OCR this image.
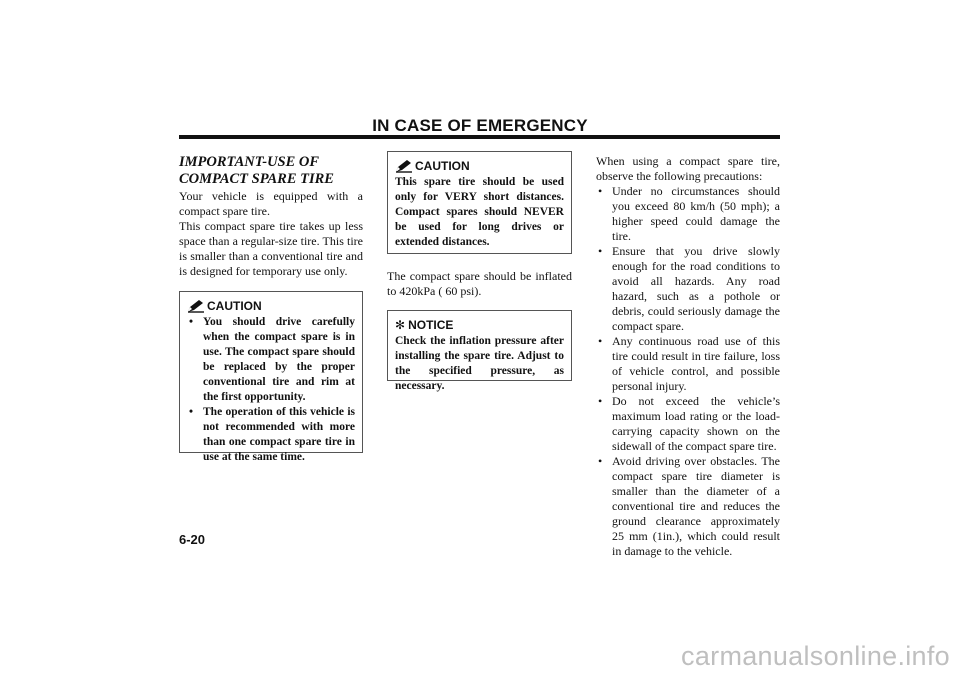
IN CASE OF EMERGENCY
IMPORTANT-USE OF
COMPACT SPARE TIRE

Your vehicle is equipped with a compact spare tire.

This compact spare tire takes up less space than a regular-size tire. This tire is smaller than a conventional tire and is designed for temporary use only.

CAUTION
• You should drive carefully when the compact spare is in use. The compact spare should be replaced by the proper conventional tire and rim at the first opportunity.
• The operation of this vehicle is not recommended with more than one compact spare tire in use at the same time.
CAUTION
This spare tire should be used only for VERY short distances. Compact spares should NEVER be used for long drives or extended distances.

The compact spare should be inflated to 420kPa ( 60 psi).

✻ NOTICE
Check the inflation pressure after installing the spare tire. Adjust to the specified pressure, as necessary.

When using a compact spare tire, observe the following precautions:

• Under no circumstances should you exceed 80 km/h (50 mph); a higher speed could damage the tire.
• Ensure that you drive slowly enough for the road conditions to avoid all hazards. Any road hazard, such as a pothole or debris, could seriously damage the compact spare.
• Any continuous road use of this tire could result in tire failure, loss of vehicle control, and possible personal injury.
• Do not exceed the vehicle’s maximum load rating or the load-carrying capacity shown on the sidewall of the compact spare tire.
• Avoid driving over obstacles. The compact spare tire diameter is smaller than the diameter of a conventional tire and reduces the ground clearance approximately 25 mm (1in.), which could result in damage to the vehicle.
6-20
carmanualsonline.info
